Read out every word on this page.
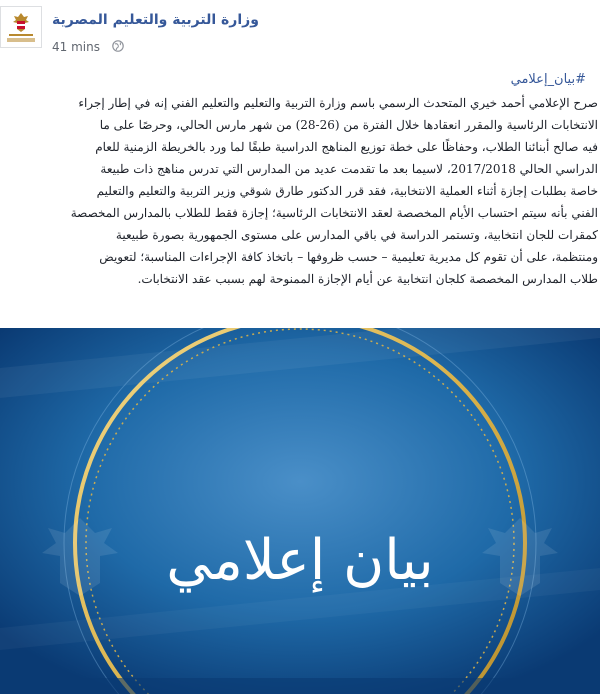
وزارة التربية والتعليم المصرية
41 mins
#بيان_إعلامي
صرح الإعلامي أحمد خيري المتحدث الرسمي باسم وزارة التربية والتعليم والتعليم الفني إنه في إطار إجراء
الانتخابات الرئاسية والمقرر انعقادها خلال الفترة من (26-28) من شهر مارس الحالي، وحرصًا على ما
فيه صالح أبنائنا الطلاب، وحفاظًا على خطة توزيع المناهج الدراسية طبقًا لما ورد بالخريطة الزمنية للعام
الدراسي الحالي 2017/2018، لاسيما بعد ما تقدمت عديد من المدارس التي تدرس مناهج ذات طبيعة
خاصة بطلبات إجازة أثناء العملية الانتخابية، فقد قرر الدكتور طارق شوقي وزير التربية والتعليم والتعليم
الفني بأنه سيتم احتساب الأيام المخصصة لعقد الانتخابات الرئاسية؛ إجازة فقط للطلاب بالمدارس المخصصة
كمقرات للجان انتخابية، وتستمر الدراسة في باقي المدارس على مستوى الجمهورية بصورة طبيعية
ومنتظمة، على أن تقوم كل مديرية تعليمية – حسب ظروفها – باتخاذ كافة الإجراءات المناسبة؛ لتعويض
طلاب المدارس المخصصة كلجان انتخابية عن أيام الإجازة الممنوحة لهم بسبب عقد الانتخابات.
بيان إعلامي
